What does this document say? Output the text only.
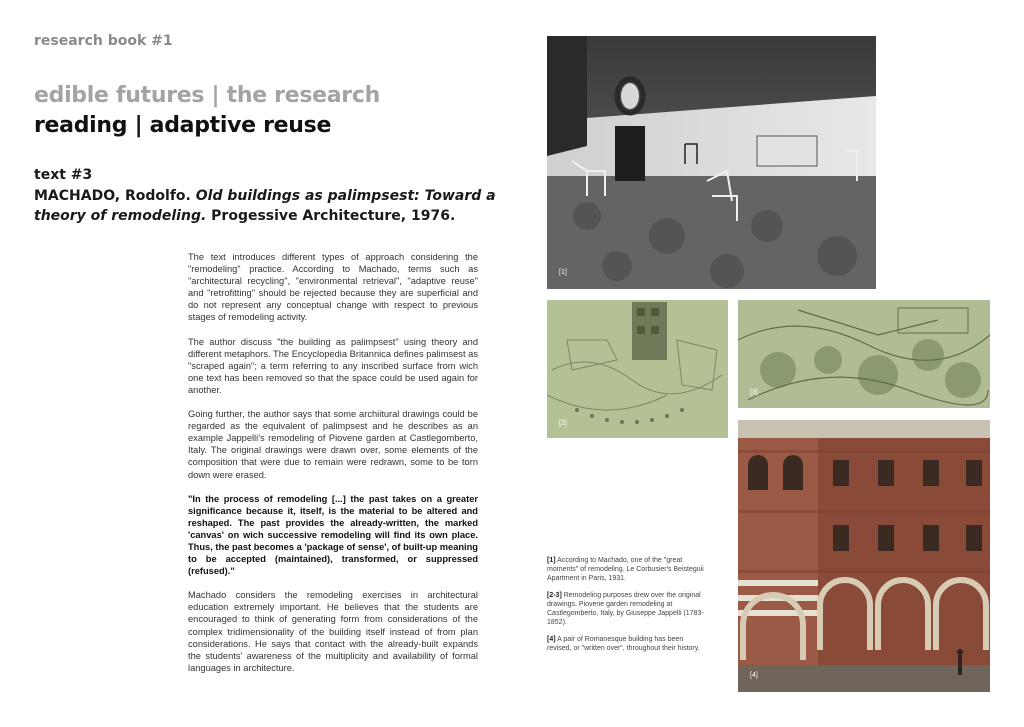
research book #1
edible futures | the research
reading | adaptive reuse
text #3
MACHADO, Rodolfo. Old buildings as palimpsest: Toward a theory of remodeling. Progessive Architecture, 1976.

The text introduces different types of approach considering the "remodeling" practice. According to Machado, terms such as "architectural recycling", "environmental retrieval", "adaptive reuse" and "retrofitting" should be rejected because they are superficial and do not represent any conceptual change with respect to previous stages of remodeling activity.

The author discuss "the building as palimpsest" using theory and different metaphors. The Encyclopedia Britannica defines palimsest as "scraped again"; a term referring to any inscribed surface from wich one text has been removed so that the space could be used again for another.

Going further, the author says that some archiitural drawings could be regarded as the equivalent of palimpsest and he describes as an example Jappelli's remodeling of Piovene garden at Castlegomberto, Italy. The original drawings were drawn over, some elements of the composition that were due to remain were redrawn, some to be torn down were erased.

"In the process of remodeling [...] the past takes on a greater significance because it, itself, is the material to be altered and reshaped. The past provides the already-written, the marked 'canvas' on wich successive remodeling will find its own place. Thus, the past becomes a 'package of sense', of built-up meaning to be accepted (maintained), transformed, or suppressed (refused)."

Machado considers the remodeling exercises in architectural education extremely important. He believes that the students are encouraged to think of generating form from considerations of the complex tridimensionality of the building itself instead of from plan considerations. He says that contact with the already-built expands the students' awareness of the multiplicity and availability of formal languages in architecture.

[1]
[2]
[3]
[4]

[1] According to Machado, one of the "great moments" of remodeling. Le Corbusier's Beisteguii Apartment in Paris, 1931.

[2-3] Remodeling purposes drew over the original drawings. Piovene garden remodeling at Castlegomberto, Italy, by Giuseppe Jappelli (1783-1852).

[4] A pair of Romanesque building has been revised, or "written over", throughout their history.
